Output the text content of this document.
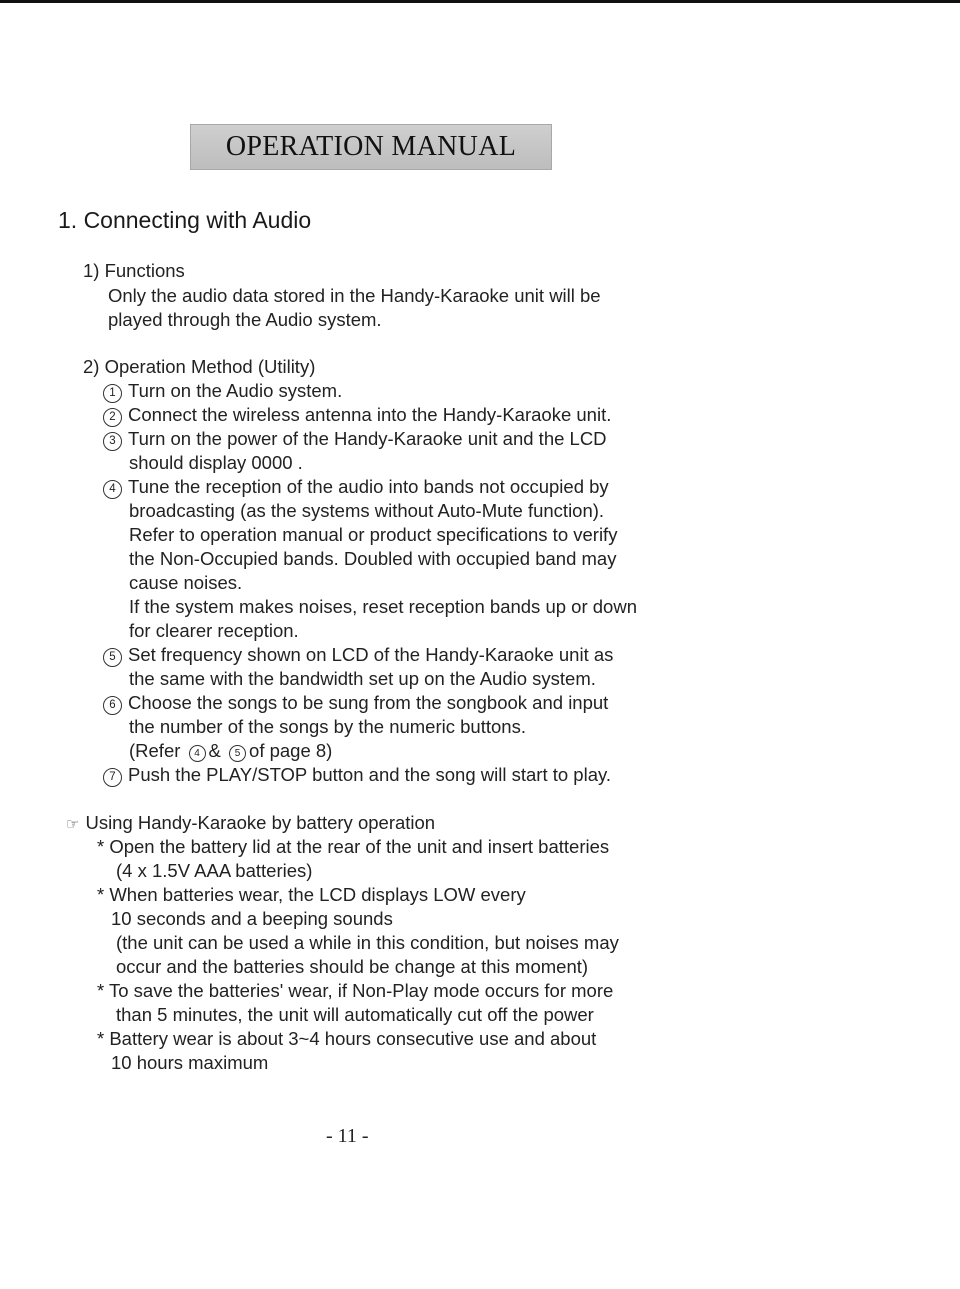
OPERATION MANUAL
1. Connecting with Audio
1) Functions
Only the audio data stored in the Handy-Karaoke unit will be
played through the Audio system.
2) Operation Method (Utility)
1 Turn on the Audio system.
2 Connect the wireless antenna into the Handy-Karaoke unit.
3 Turn on the power of the Handy-Karaoke unit and the LCD
should display 0000 .
4 Tune the reception of the audio into bands not occupied by
broadcasting (as the systems without Auto-Mute function).
Refer to operation manual or product specifications to verify
the Non-Occupied bands. Doubled with occupied band may
cause noises.
If the system makes noises, reset reception bands up or down
for clearer reception.
5 Set frequency shown on LCD of the Handy-Karaoke unit as
the same with the bandwidth set up on the Audio system.
6 Choose the songs to be sung from the songbook and input
the number of the songs by the numeric buttons.
(Refer 4 & 5 of page 8)
7 Push the PLAY/STOP button and the song will start to play.
☞ Using Handy-Karaoke by battery operation
* Open the battery lid at the rear of the unit and insert batteries
(4 x 1.5V AAA batteries)
* When batteries wear, the LCD displays LOW every
10 seconds and a beeping sounds
(the unit can be used a while in this condition, but noises may
occur and the batteries should be change at this moment)
* To save the batteries' wear, if Non-Play mode occurs for more
than 5 minutes, the unit will automatically cut off the power
* Battery wear is about 3~4 hours consecutive use and about
10 hours maximum
- 11 -
